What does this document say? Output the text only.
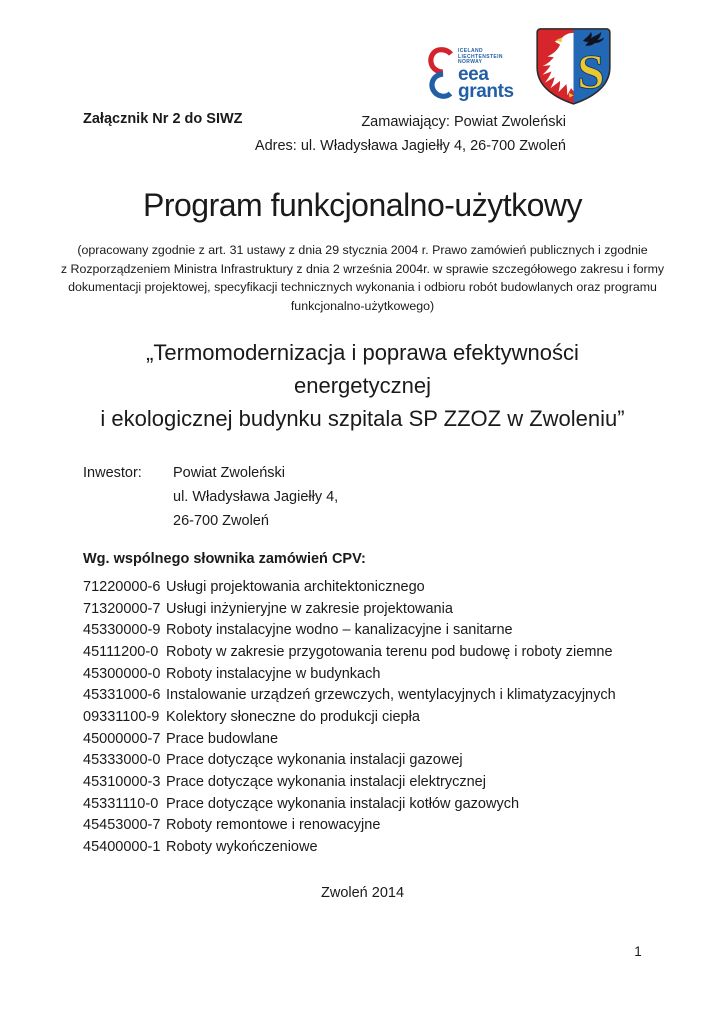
ICELAND
LIECHTENSTEIN
NORWAY
eea
grants S
Załącznik Nr 2 do SIWZ	Zamawiający: Powiat Zwoleński
Adres: ul. Władysława Jagiełły 4, 26-700 Zwoleń
Program funkcjonalno-użytkowy
(opracowany zgodnie z art. 31 ustawy z dnia 29 stycznia 2004 r. Prawo zamówień publicznych i zgodnie
z Rozporządzeniem Ministra Infrastruktury z dnia 2 września 2004r. w sprawie szczegółowego zakresu i formy
dokumentacji projektowej, specyfikacji technicznych wykonania i odbioru robót budowlanych oraz programu
funkcjonalno-użytkowego)
„Termomodernizacja i poprawa efektywności
energetycznej
i ekologicznej budynku szpitala SP ZZOZ w Zwoleniu”
Inwestor:	Powiat Zwoleński
ul. Władysława Jagiełły 4,
26-700 Zwoleń
Wg. wspólnego słownika zamówień CPV:
71220000-6 Usługi projektowania architektonicznego
71320000-7 Usługi inżynieryjne w zakresie projektowania
45330000-9 Roboty instalacyjne wodno – kanalizacyjne i sanitarne
45111200-0 Roboty w zakresie przygotowania terenu pod budowę i roboty ziemne
45300000-0 Roboty instalacyjne w budynkach
45331000-6 Instalowanie urządzeń grzewczych, wentylacyjnych i klimatyzacyjnych
09331100-9 Kolektory słoneczne do produkcji ciepła
45000000-7 Prace budowlane
45333000-0 Prace dotyczące wykonania instalacji gazowej
45310000-3 Prace dotyczące wykonania instalacji elektrycznej
45331110-0 Prace dotyczące wykonania instalacji kotłów gazowych
45453000-7 Roboty remontowe i renowacyjne
45400000-1 Roboty wykończeniowe
Zwoleń 2014
1
